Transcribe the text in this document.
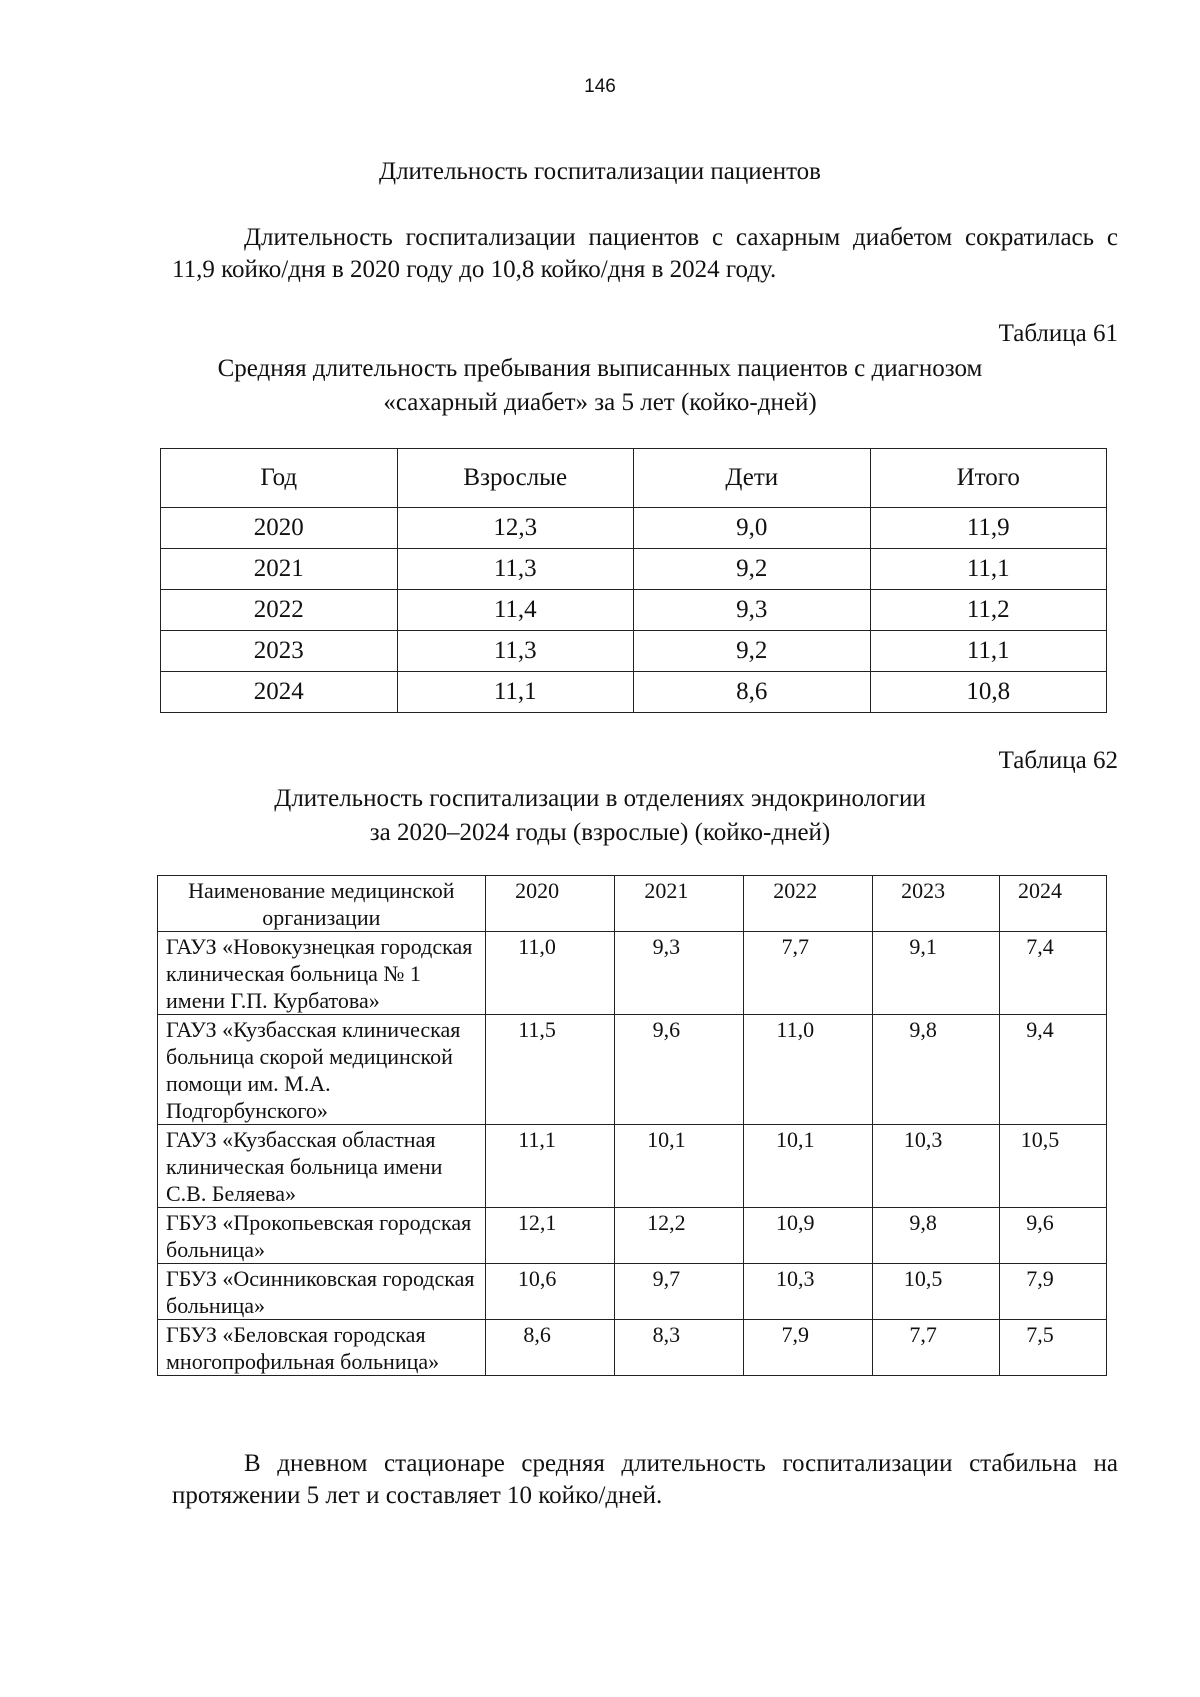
146
Длительность госпитализации пациентов
Длительность госпитализации пациентов с сахарным диабетом сократилась с 11,9 койко/дня в 2020 году до 10,8 койко/дня в 2024 году.
Таблица 61
Средняя длительность пребывания выписанных пациентов с диагнозом
«сахарный диабет» за 5 лет (койко-дней)
Год	Взрослые	Дети	Итого
2020	12,3	9,0	11,9
2021	11,3	9,2	11,1
2022	11,4	9,3	11,2
2023	11,3	9,2	11,1
2024	11,1	8,6	10,8
Таблица 62
Длительность госпитализации в отделениях эндокринологии
за 2020–2024 годы (взрослые) (койко-дней)
Наименование медицинской организации	2020	2021	2022	2023	2024
ГАУЗ «Новокузнецкая городская клиническая больница № 1 имени Г.П. Курбатова»	11,0	9,3	7,7	9,1	7,4
ГАУЗ «Кузбасская клиническая больница скорой медицинской помощи им. М.А. Подгорбунского»	11,5	9,6	11,0	9,8	9,4
ГАУЗ «Кузбасская областная клиническая больница имени С.В. Беляева»	11,1	10,1	10,1	10,3	10,5
ГБУЗ «Прокопьевская городская больница»	12,1	12,2	10,9	9,8	9,6
ГБУЗ «Осинниковская городская больница»	10,6	9,7	10,3	10,5	7,9
ГБУЗ «Беловская городская многопрофильная больница»	8,6	8,3	7,9	7,7	7,5
В дневном стационаре средняя длительность госпитализации стабильна на протяжении 5 лет и составляет 10 койко/дней.
